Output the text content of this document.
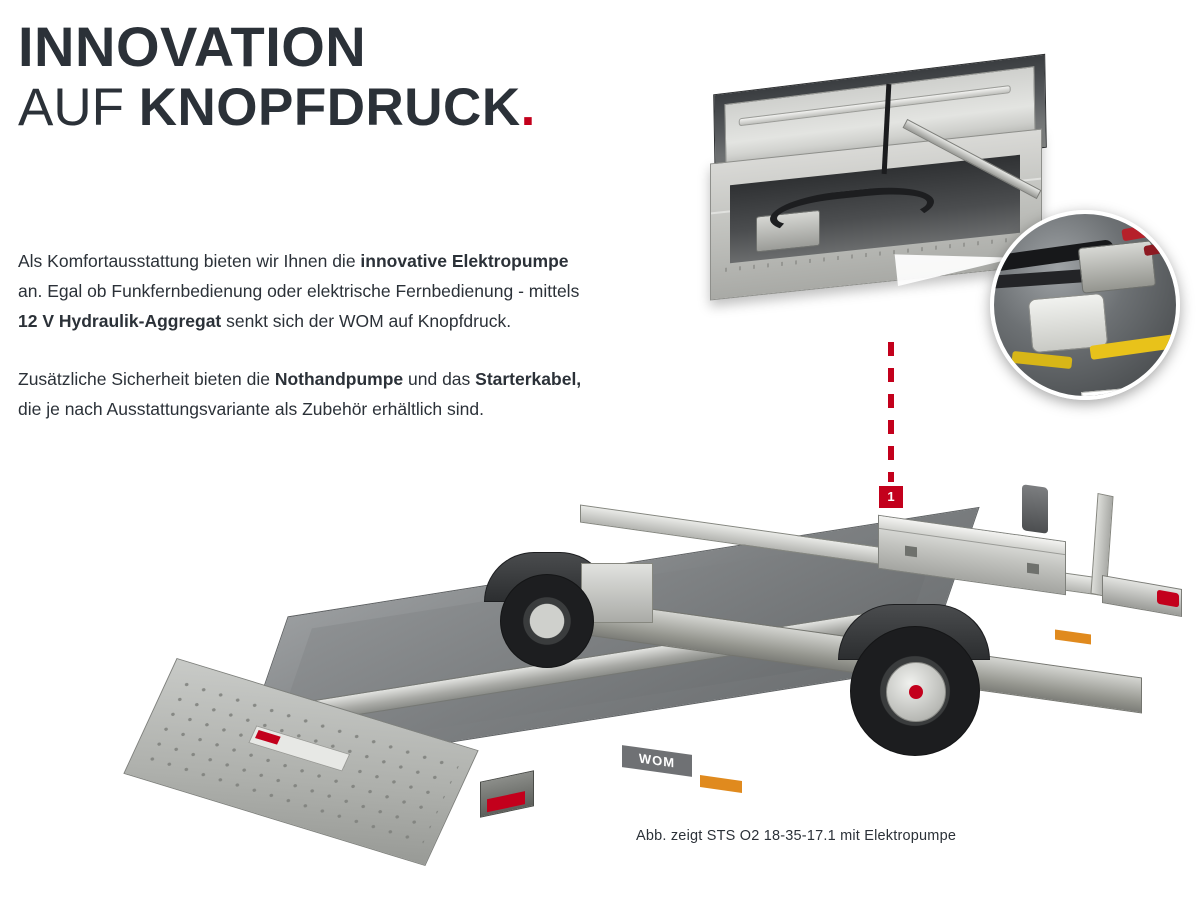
INNOVATION
AUF KNOPFDRUCK.

Als Komfortausstattung bieten wir Ihnen die innovative Elektropumpe an. Egal ob Funkfernbedienung oder elektrische Fernbedienung - mittels 12 V Hydraulik-Aggregat senkt sich der WOM auf Knopfdruck.

Zusätzliche Sicherheit bieten die Nothandpumpe und das Starterkabel, die je nach Ausstattungsvariante als Zubehör erhältlich sind.

1
WOM
Abb. zeigt STS O2 18-35-17.1 mit Elektropumpe
